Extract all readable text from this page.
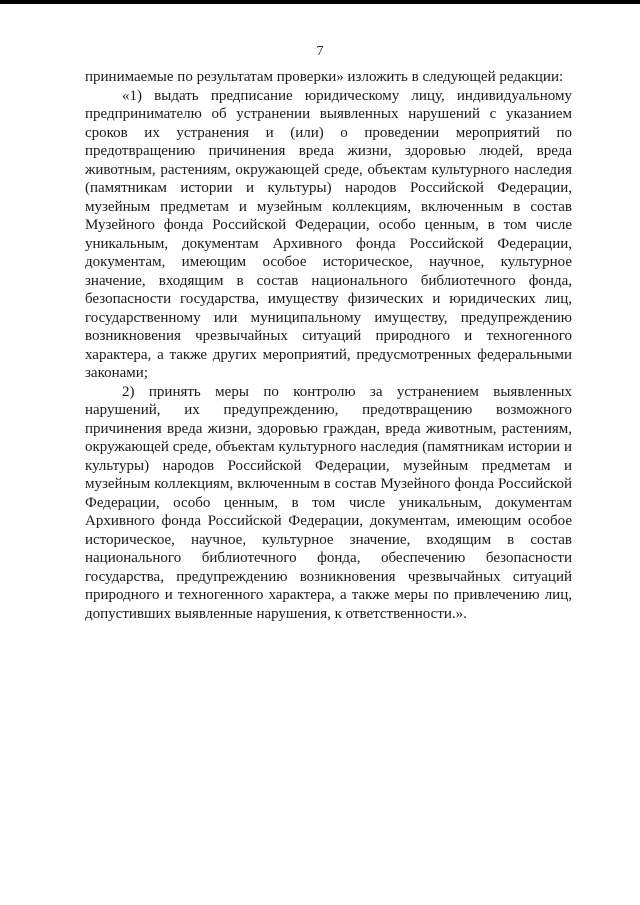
7

принимаемые по результатам проверки» изложить в следующей редакции:

«1) выдать предписание юридическому лицу, индивидуальному предпринимателю об устранении выявленных нарушений с указанием сроков их устранения и (или) о проведении мероприятий по предотвращению причинения вреда жизни, здоровью людей, вреда животным, растениям, окружающей среде, объектам культурного наследия (памятникам истории и культуры) народов Российской Федерации, музейным предметам и музейным коллекциям, включенным в состав Музейного фонда Российской Федерации, особо ценным, в том числе уникальным, документам Архивного фонда Российской Федерации, документам, имеющим особое историческое, научное, культурное значение, входящим в состав национального библиотечного фонда, безопасности государства, имуществу физических и юридических лиц, государственному или муниципальному имуществу, предупреждению возникновения чрезвычайных ситуаций природного и техногенного характера, а также других мероприятий, предусмотренных федеральными законами;

2) принять меры по контролю за устранением выявленных нарушений, их предупреждению, предотвращению возможного причинения вреда жизни, здоровью граждан, вреда животным, растениям, окружающей среде, объектам культурного наследия (памятникам истории и культуры) народов Российской Федерации, музейным предметам и музейным коллекциям, включенным в состав Музейного фонда Российской Федерации, особо ценным, в том числе уникальным, документам Архивного фонда Российской Федерации, документам, имеющим особое историческое, научное, культурное значение, входящим в состав национального библиотечного фонда, обеспечению безопасности государства, предупреждению возникновения чрезвычайных ситуаций природного и техногенного характера, а также меры по привлечению лиц, допустивших выявленные нарушения, к ответственности.».
